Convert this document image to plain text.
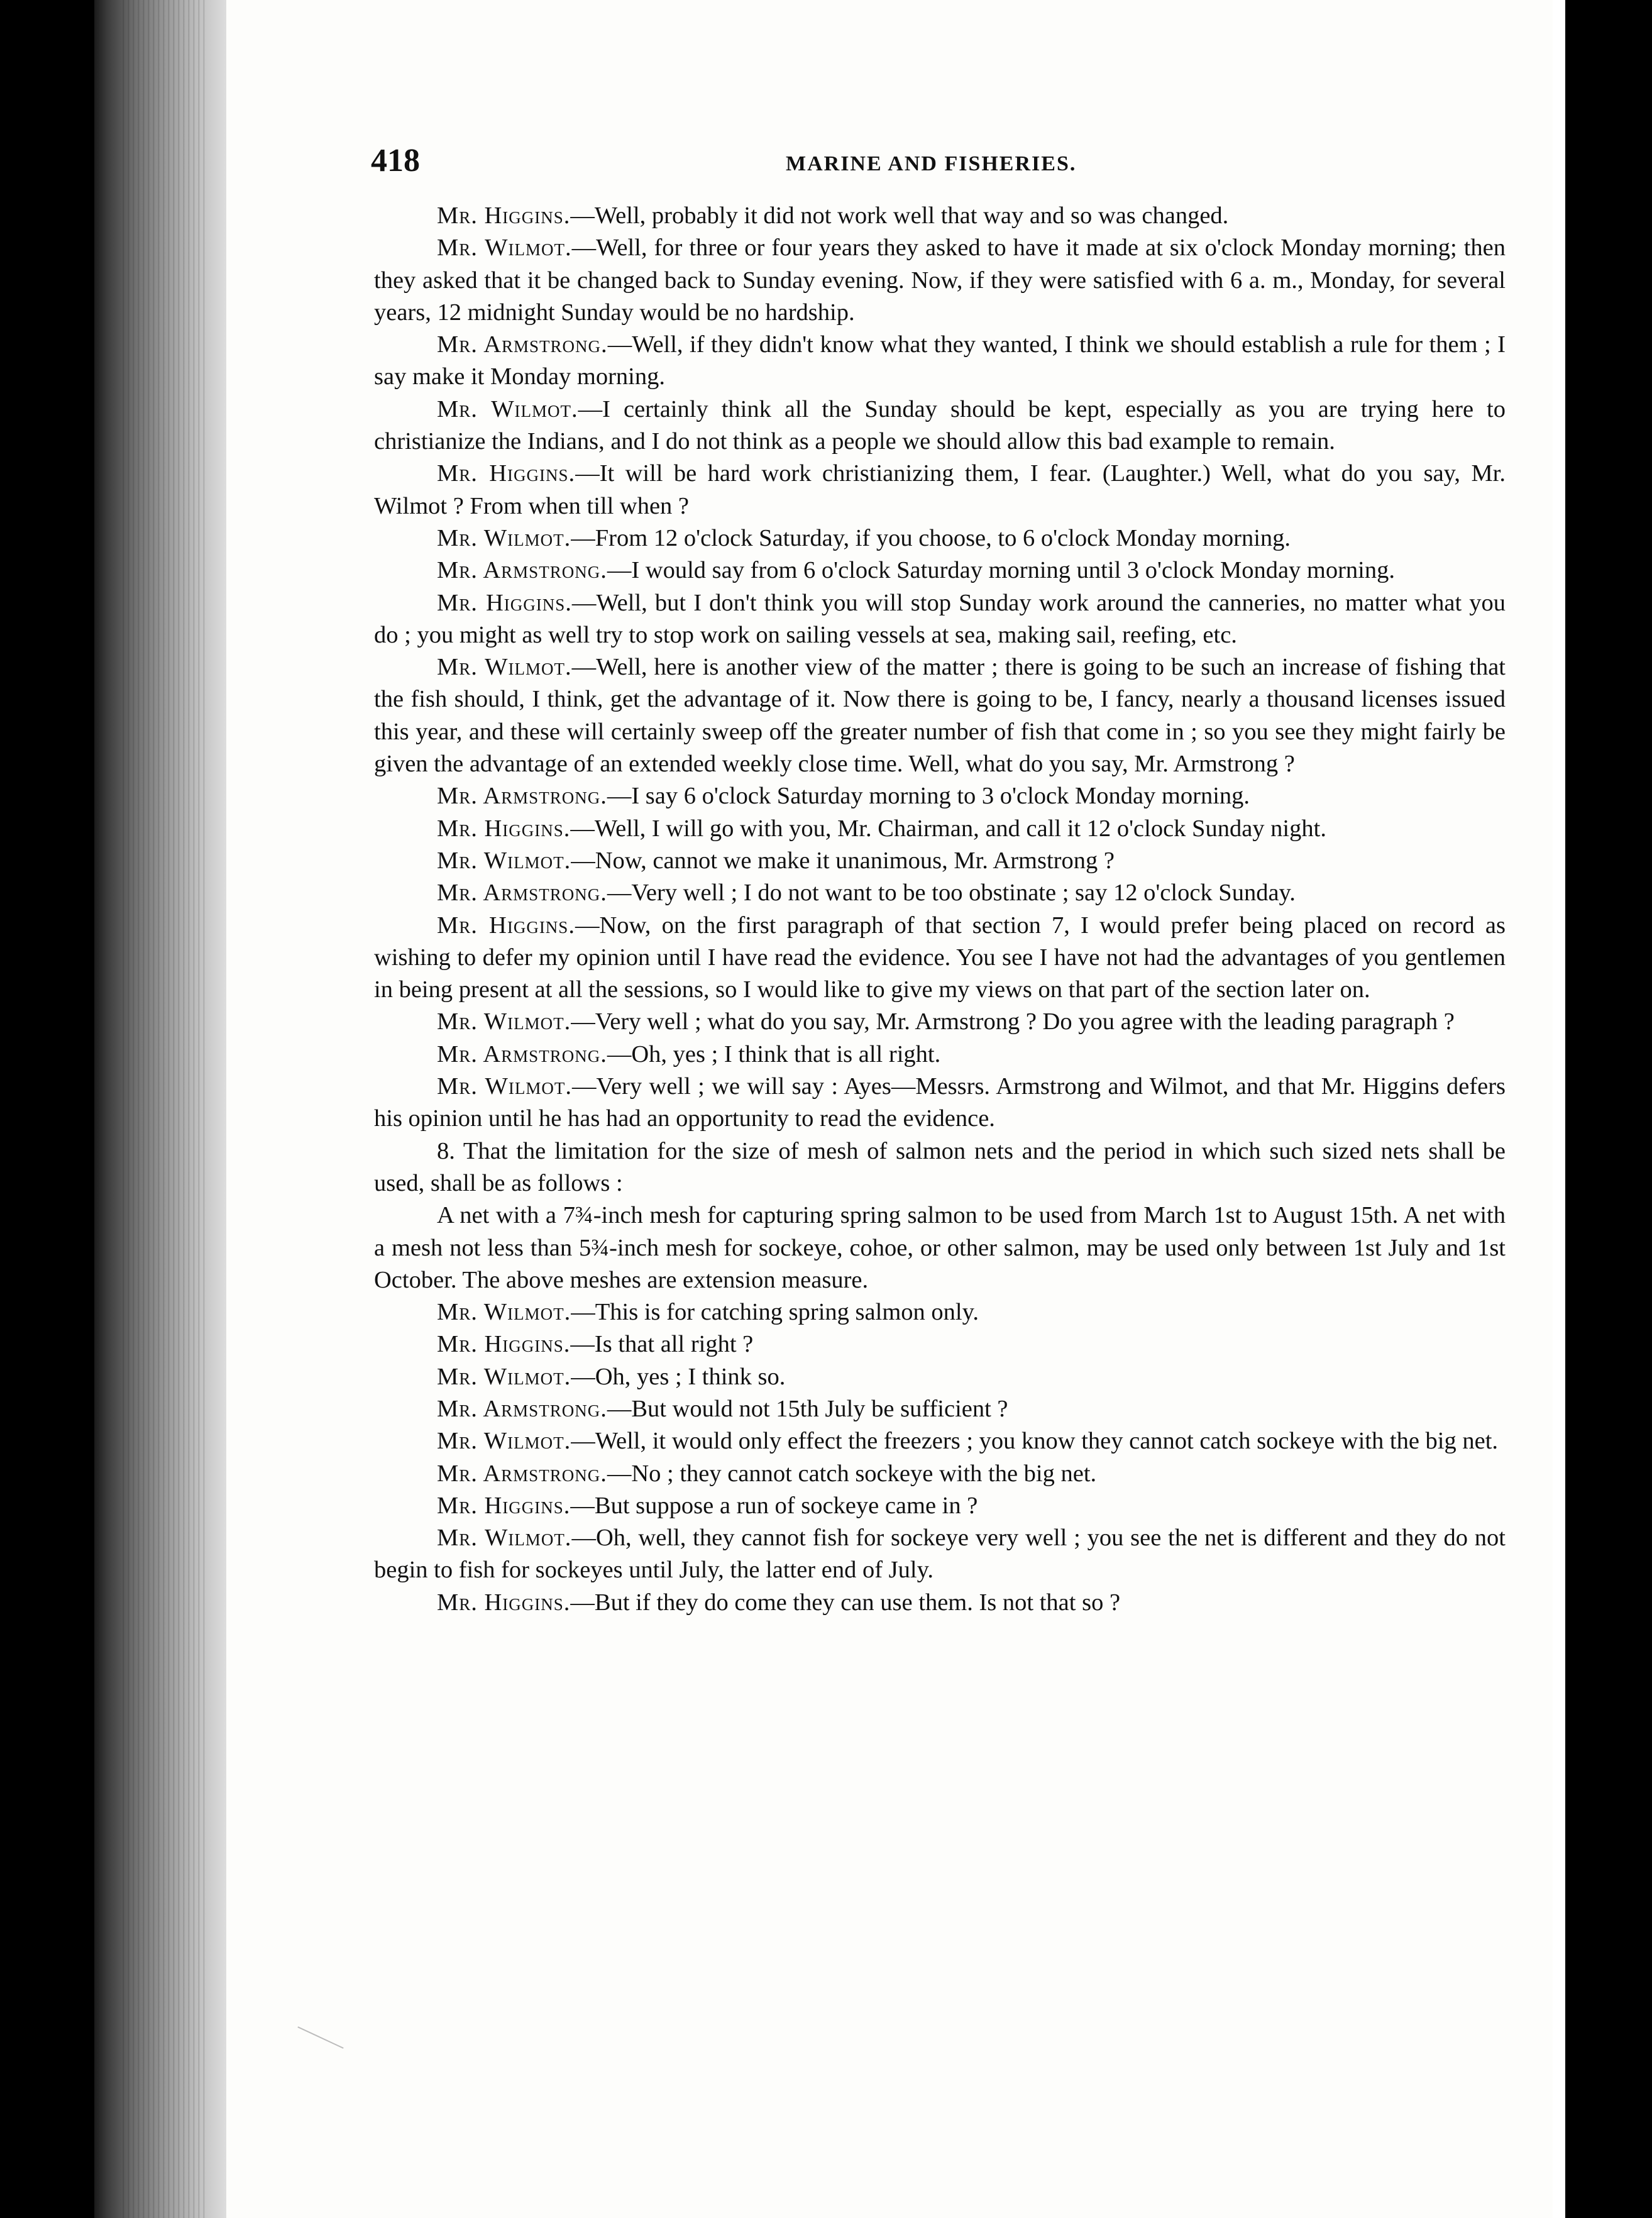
418	MARINE AND FISHERIES.

Mr. Higgins.—Well, probably it did not work well that way and so was changed.

Mr. Wilmot.—Well, for three or four years they asked to have it made at six o'clock Monday morning; then they asked that it be changed back to Sunday evening. Now, if they were satisfied with 6 a. m., Monday, for several years, 12 midnight Sunday would be no hardship.

Mr. Armstrong.—Well, if they didn't know what they wanted, I think we should establish a rule for them ; I say make it Monday morning.

Mr. Wilmot.—I certainly think all the Sunday should be kept, especially as you are trying here to christianize the Indians, and I do not think as a people we should allow this bad example to remain.

Mr. Higgins.—It will be hard work christianizing them, I fear. (Laughter.) Well, what do you say, Mr. Wilmot ? From when till when ?

Mr. Wilmot.—From 12 o'clock Saturday, if you choose, to 6 o'clock Monday morning.

Mr. Armstrong.—I would say from 6 o'clock Saturday morning until 3 o'clock Monday morning.

Mr. Higgins.—Well, but I don't think you will stop Sunday work around the canneries, no matter what you do ; you might as well try to stop work on sailing vessels at sea, making sail, reefing, etc.

Mr. Wilmot.—Well, here is another view of the matter ; there is going to be such an increase of fishing that the fish should, I think, get the advantage of it. Now there is going to be, I fancy, nearly a thousand licenses issued this year, and these will certainly sweep off the greater number of fish that come in ; so you see they might fairly be given the advantage of an extended weekly close time. Well, what do you say, Mr. Armstrong ?

Mr. Armstrong.—I say 6 o'clock Saturday morning to 3 o'clock Monday morning.

Mr. Higgins.—Well, I will go with you, Mr. Chairman, and call it 12 o'clock Sunday night.

Mr. Wilmot.—Now, cannot we make it unanimous, Mr. Armstrong ?

Mr. Armstrong.—Very well ; I do not want to be too obstinate ; say 12 o'clock Sunday.

Mr. Higgins.—Now, on the first paragraph of that section 7, I would prefer being placed on record as wishing to defer my opinion until I have read the evidence. You see I have not had the advantages of you gentlemen in being present at all the sessions, so I would like to give my views on that part of the section later on.

Mr. Wilmot.—Very well ; what do you say, Mr. Armstrong ? Do you agree with the leading paragraph ?

Mr. Armstrong.—Oh, yes ; I think that is all right.

Mr. Wilmot.—Very well ; we will say : Ayes—Messrs. Armstrong and Wilmot, and that Mr. Higgins defers his opinion until he has had an opportunity to read the evidence.

8. That the limitation for the size of mesh of salmon nets and the period in which such sized nets shall be used, shall be as follows :

A net with a 7¾-inch mesh for capturing spring salmon to be used from March 1st to August 15th. A net with a mesh not less than 5¾-inch mesh for sockeye, cohoe, or other salmon, may be used only between 1st July and 1st October. The above meshes are extension measure.

Mr. Wilmot.—This is for catching spring salmon only.

Mr. Higgins.—Is that all right ?

Mr. Wilmot.—Oh, yes ; I think so.

Mr. Armstrong.—But would not 15th July be sufficient ?

Mr. Wilmot.—Well, it would only effect the freezers ; you know they cannot catch sockeye with the big net.

Mr. Armstrong.—No ; they cannot catch sockeye with the big net.

Mr. Higgins.—But suppose a run of sockeye came in ?

Mr. Wilmot.—Oh, well, they cannot fish for sockeye very well ; you see the net is different and they do not begin to fish for sockeyes until July, the latter end of July.

Mr. Higgins.—But if they do come they can use them. Is not that so ?
